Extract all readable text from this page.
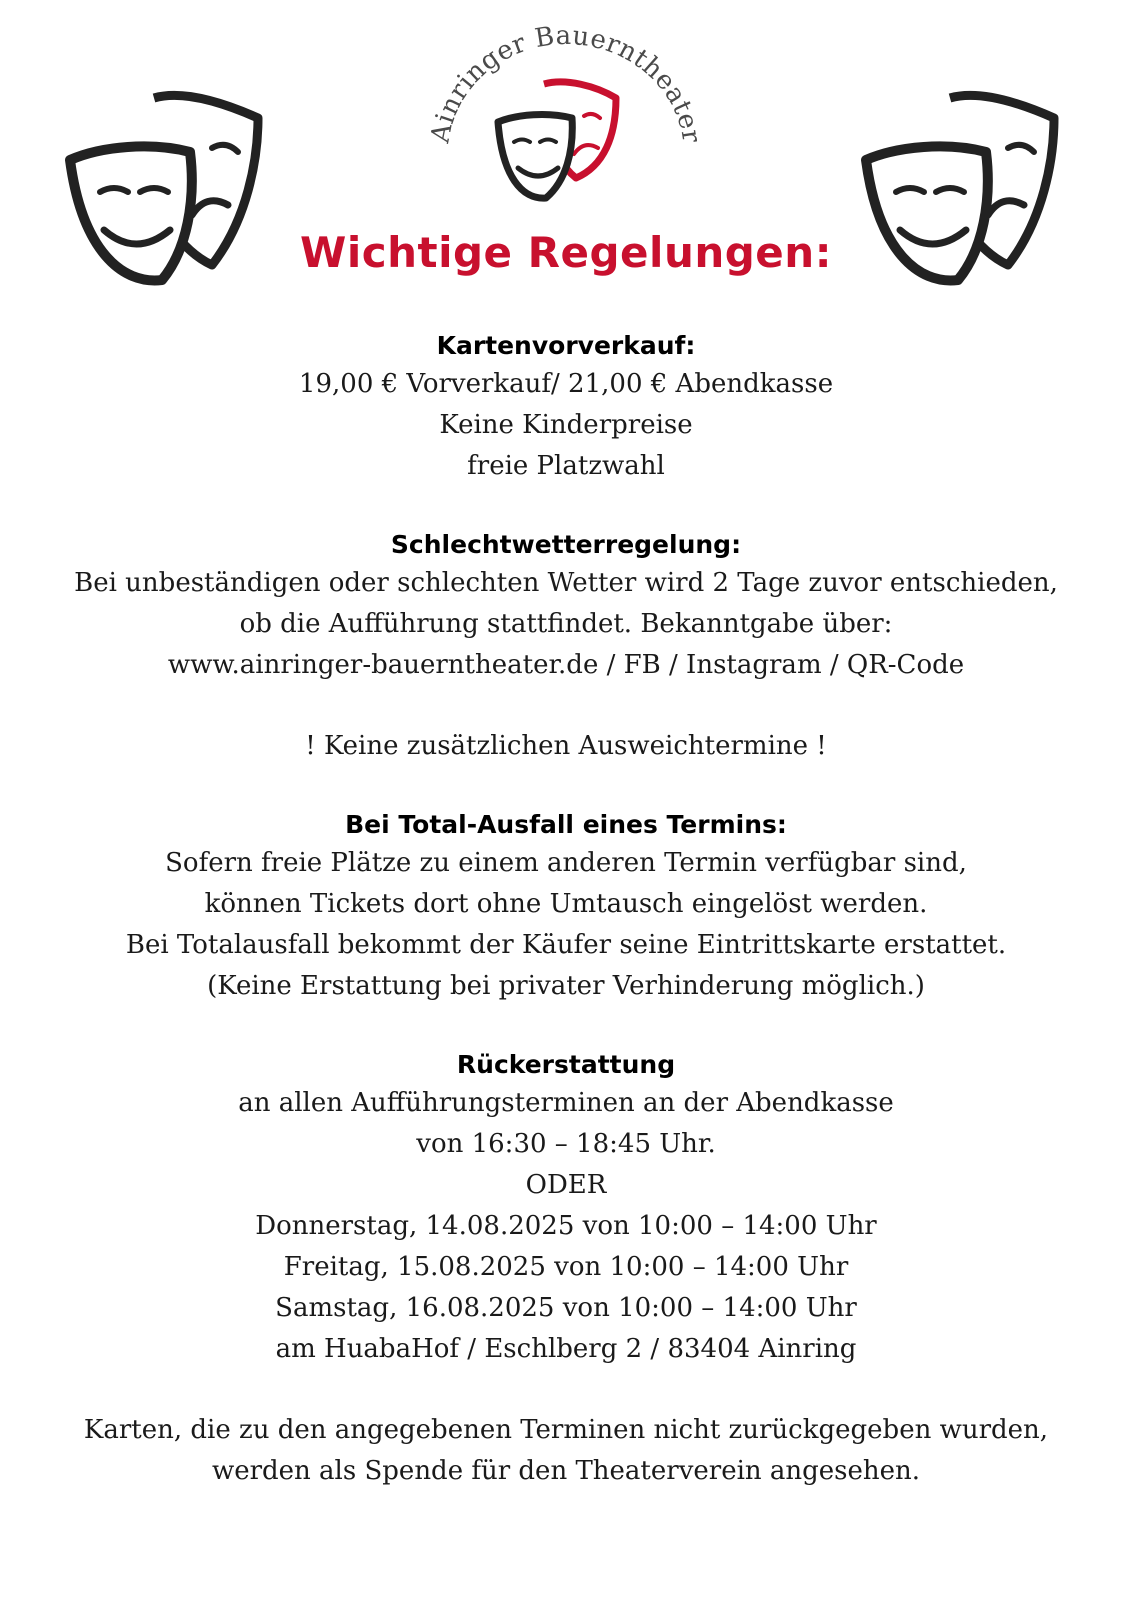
Ainringer Bauerntheater
Wichtige Regelungen:
Kartenvorverkauf:
19,00 € Vorverkauf/ 21,00 € Abendkasse
Keine Kinderpreise
freie Platzwahl
Schlechtwetterregelung:
Bei unbeständigen oder schlechten Wetter wird 2 Tage zuvor entschieden,
ob die Aufführung stattfindet. Bekanntgabe über:
www.ainringer-bauerntheater.de / FB / Instagram / QR-Code
! Keine zusätzlichen Ausweichtermine !
Bei Total-Ausfall eines Termins:
Sofern freie Plätze zu einem anderen Termin verfügbar sind,
können Tickets dort ohne Umtausch eingelöst werden.
Bei Totalausfall bekommt der Käufer seine Eintrittskarte erstattet.
(Keine Erstattung bei privater Verhinderung möglich.)
Rückerstattung
an allen Aufführungsterminen an der Abendkasse
von 16:30 – 18:45 Uhr.
ODER
Donnerstag, 14.08.2025 von 10:00 – 14:00 Uhr
Freitag, 15.08.2025 von 10:00 – 14:00 Uhr
Samstag, 16.08.2025 von 10:00 – 14:00 Uhr
am HuabaHof / Eschlberg 2 / 83404 Ainring
Karten, die zu den angegebenen Terminen nicht zurückgegeben wurden,
werden als Spende für den Theaterverein angesehen.
